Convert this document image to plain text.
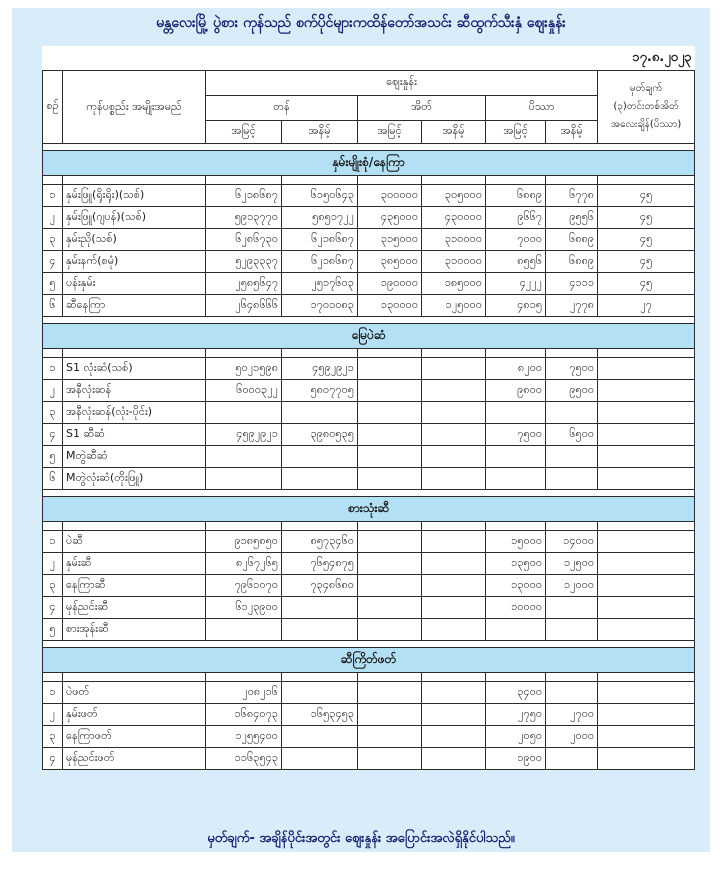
မန္တလေးမြို့ ပွဲစား ကုန်သည် စက်ပိုင်များကထိန်တော်အသင်း ဆီထွက်သီးနှံ ဈေးနှုန်း
							၁၇.၈.၂၀၂၃	
စဉ်	ကုန်ပစ္စည်း အမျိုးအမည်	ဈေးနှုန်း						မှတ်ချက်
(၃)တင်းတစ်အိတ်
အလေးချိန်(ပိဿာ)

		တန်		အိတ်		ပိဿာ		
		အမြင့်	အနိမ့်	အမြင့်	အနိမ့်	အမြင့်	အနိမ့်	

နှမ်းမျိုးစုံ/နေကြာ								

၁	နှမ်းဖြူ(ရိုးရိုး)(သစ်)	၆၂၁၈၆၈၇	၆၁၅၀၆၄၃	၃၀၀၀၀၀	၃၀၅၀၀၀	၆၈၈၉	၆၇၇၈	၄၅
၂	နှမ်းဖြူ(ဂျပန်)(သစ်)	၅၉၁၃၇၇၀	၅၈၅၁၇၂၂	၄၃၅၀၀၀	၄၃၀၀၀၀	၉၆၆၇	၉၅၅၆	၄၅
၃	နှမ်းညို(သစ်)	၆၂၈၆၇၃၀	၆၂၁၈၆၈၇	၃၁၅၀၀၀	၃၁၀၀၀၀	၇၀၀၀	၆၈၈၉	၄၅
၄	နှမ်းနက်(စမုံ)	၅၂၉၃၃၃၇	၆၂၁၈၆၈၇	၃၈၅၀၀၀	၃၁၀၀၀၀	၈၅၅၆	၆၈၈၉	၄၅
၅	ပန်းနှမ်း	၂၅၈၅၆၄၇	၂၅၁၇၆၀၃	၁၉၀၀၀၀	၁၈၅၀၀၀	၄၂၂၂	၄၁၁၁	၄၅
၆	ဆီနေကြာ	၂၆၄၈၆၆၆	၁၇၀၁၀၈၃	၁၃၀၀၀၀	၁၂၅၀၀၀	၄၈၁၅	၂၇၇၈	၂၇

မြေပဲဆံ								

၁	S1 လုံးဆံ(သစ်)	၅၀၂၁၅၉၈	၄၅၉၂၉၂၁			၈၂၀၀	၇၅၀၀	
၂	အနီလုံးဆန်	၆၀၀၀၃၂၂	၅၈၀၇၇၀၅			၉၈၀၀	၉၅၀၀	
၃	အနီလုံးဆန်(လုံး-ပိုင်း)							
၄	S1 ဆီဆံ	၄၅၉၂၉၂၁	၃၉၈၀၅၃၅			၇၅၀၀	၆၅၀၀	
၅	Mတွဲဆီဆံ							
၆	Mတွဲလုံးဆံ(တိုးဖြူ)							

စားသုံးဆီ								

၁	ပဲဆီ	၉၁၈၅၈၅၀	၈၅၇၃၄၆၀			၁၅၀၀၀	၁၄၀၀၀	
၂	နှမ်းဆီ	၈၂၆၇၂၆၅	၇၆၅၄၈၇၅			၁၃၅၀၀	၁၂၅၀၀	
၃	နေကြာဆီ	၇၉၆၁၀၇၀	၇၃၄၈၆၈၀			၁၃၀၀၀	၁၂၀၀၀	
၄	မုန်ညင်းဆီ	၆၁၂၃၉၀၀				၁၀၀၀၀		
၅	စားအုန်းဆီ							

ဆီကြိတ်ဖတ်								

၁	ပဲဖတ်	၂၀၈၂၁၆				၃၄၀၀		
၂	နှမ်းဖတ်	၁၆၈၄၀၇၃	၁၆၅၃၄၅၃			၂၇၅၀	၂၇၀၀	
၃	နေကြာဖတ်	၁၂၅၅၄၀၀				၂၀၅၀	၂၀၀၀	
၄	မုန်ညင်းဖတ်	၁၁၆၃၅၄၃				၁၉၀၀		
မှတ်ချက်- အချိန်ပိုင်းအတွင်း ဈေးနှုန်း အပြောင်းအလဲရှိနိုင်ပါသည်။
